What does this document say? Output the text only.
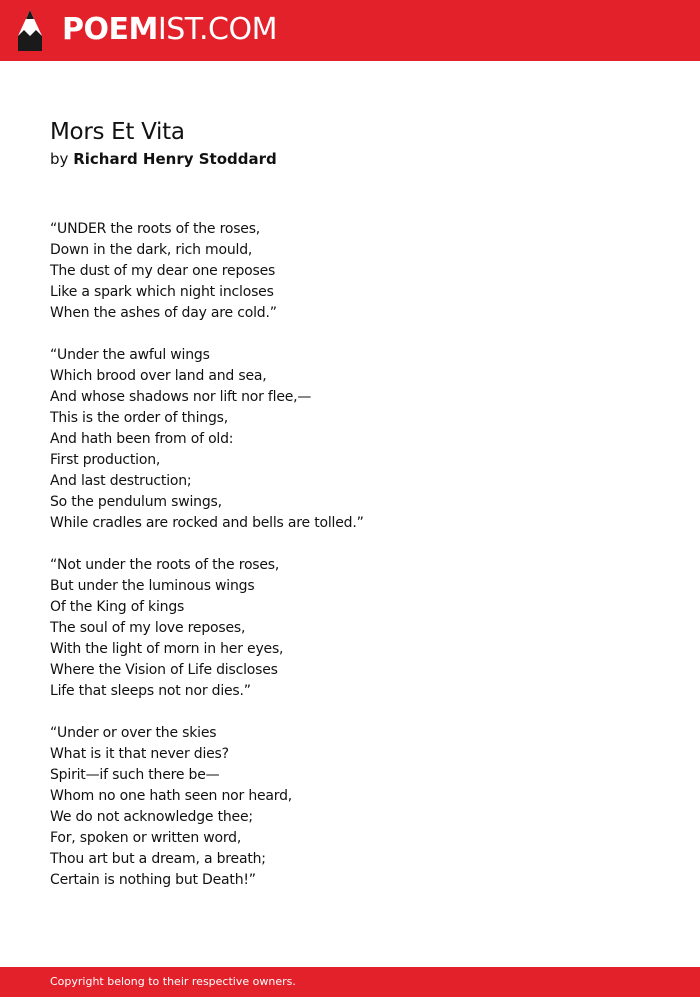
POEMIST.COM
Mors Et Vita
by Richard Henry Stoddard
“UNDER the roots of the roses,
Down in the dark, rich mould,
The dust of my dear one reposes
Like a spark which night incloses
When the ashes of day are cold.”
“Under the awful wings
Which brood over land and sea,
And whose shadows nor lift nor flee,—
This is the order of things,
And hath been from of old:
First production,
And last destruction;
So the pendulum swings,
While cradles are rocked and bells are tolled.”
“Not under the roots of the roses,
But under the luminous wings
Of the King of kings
The soul of my love reposes,
With the light of morn in her eyes,
Where the Vision of Life discloses
Life that sleeps not nor dies.”
“Under or over the skies
What is it that never dies?
Spirit—if such there be—
Whom no one hath seen nor heard,
We do not acknowledge thee;
For, spoken or written word,
Thou art but a dream, a breath;
Certain is nothing but Death!”
Copyright belong to their respective owners.
